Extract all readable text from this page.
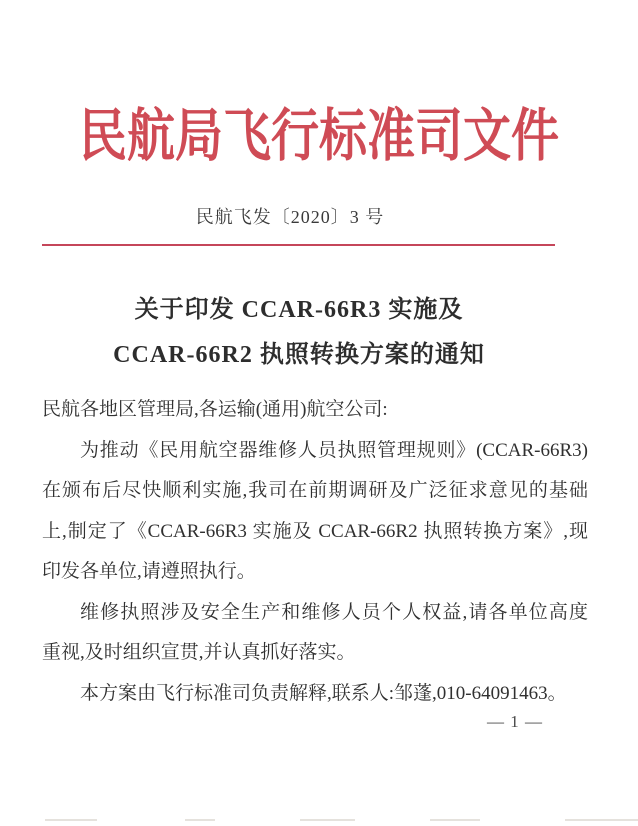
民航局飞行标准司文件
民航飞发〔2020〕3 号
关于印发 CCAR-66R3 实施及
CCAR-66R2 执照转换方案的通知
民航各地区管理局,各运输(通用)航空公司:
为推动《民用航空器维修人员执照管理规则》(CCAR-66R3)
在颁布后尽快顺利实施,我司在前期调研及广泛征求意见的基础
上,制定了《CCAR-66R3 实施及 CCAR-66R2 执照转换方案》,现
印发各单位,请遵照执行。
维修执照涉及安全生产和维修人员个人权益,请各单位高度
重视,及时组织宣贯,并认真抓好落实。
本方案由飞行标准司负责解释,联系人:邹蓬,010-64091463。
— 1 —
